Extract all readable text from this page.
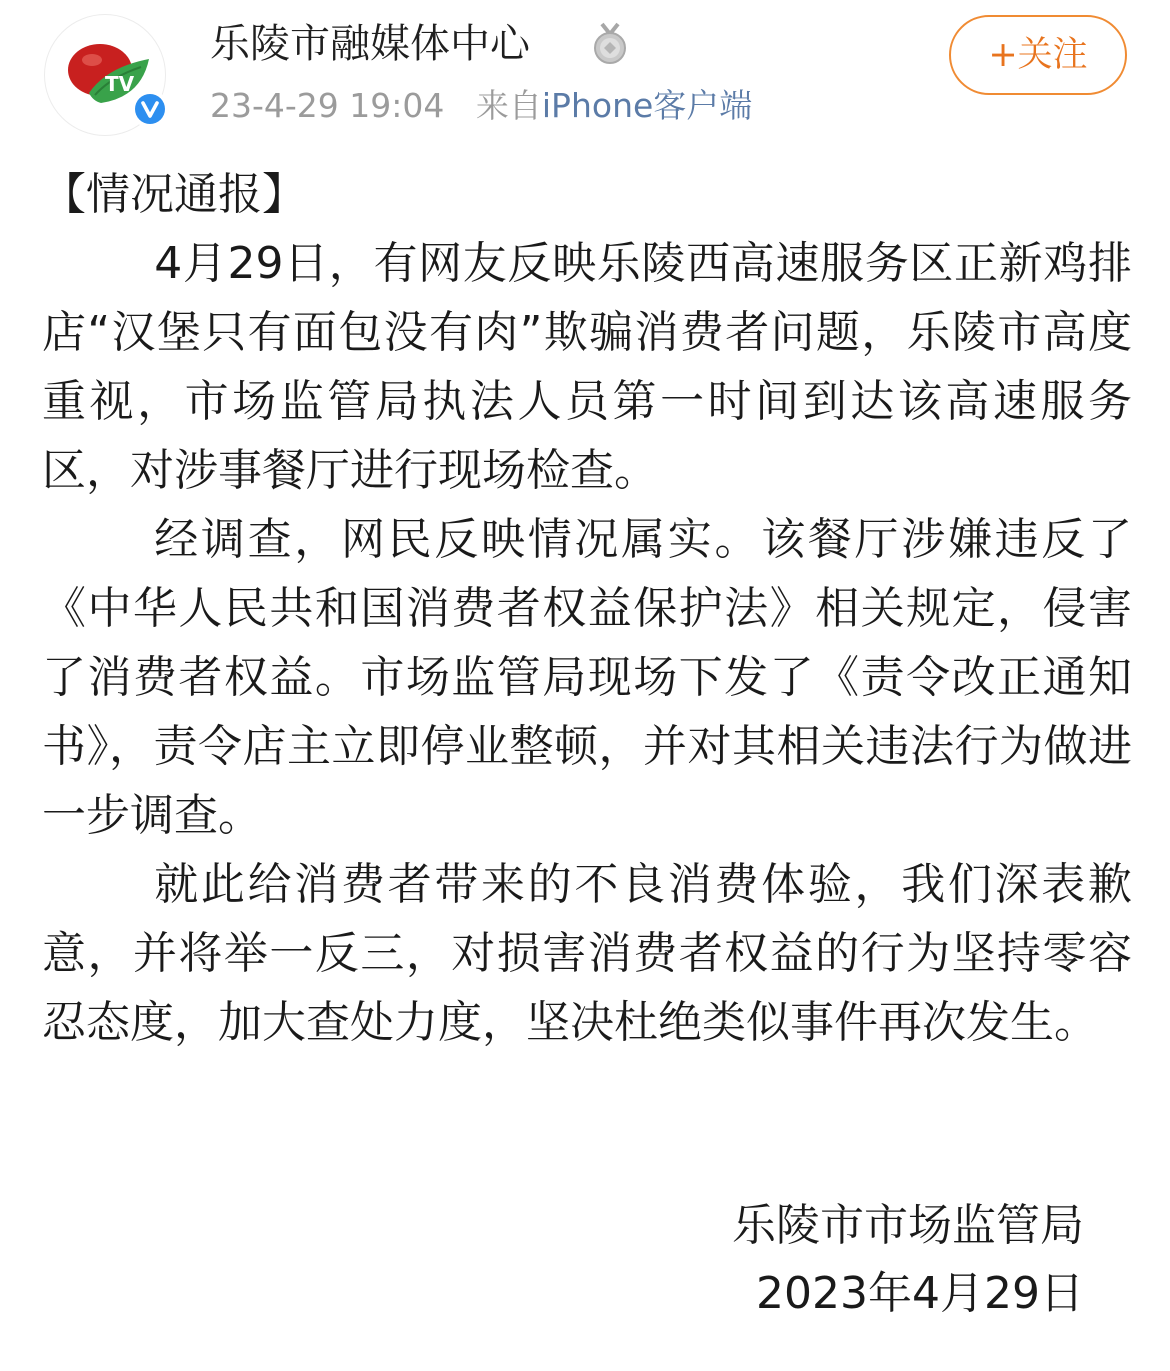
TV
乐陵市融媒体中心
23-4-29 19:04 来自iPhone客户端
+关注

【情况通报】

4月29日，有网友反映乐陵西高速服务区正新鸡排店“汉堡只有面包没有肉”欺骗消费者问题，乐陵市高度重视，市场监管局执法人员第一时间到达该高速服务区，对涉事餐厅进行现场检查。

经调查，网民反映情况属实。该餐厅涉嫌违反了《中华人民共和国消费者权益保护法》相关规定，侵害了消费者权益。市场监管局现场下发了《责令改正通知书》，责令店主立即停业整顿，并对其相关违法行为做进一步调查。

就此给消费者带来的不良消费体验，我们深表歉意，并将举一反三，对损害消费者权益的行为坚持零容忍态度，加大查处力度，坚决杜绝类似事件再次发生。

乐陵市市场监管局
2023年4月29日
